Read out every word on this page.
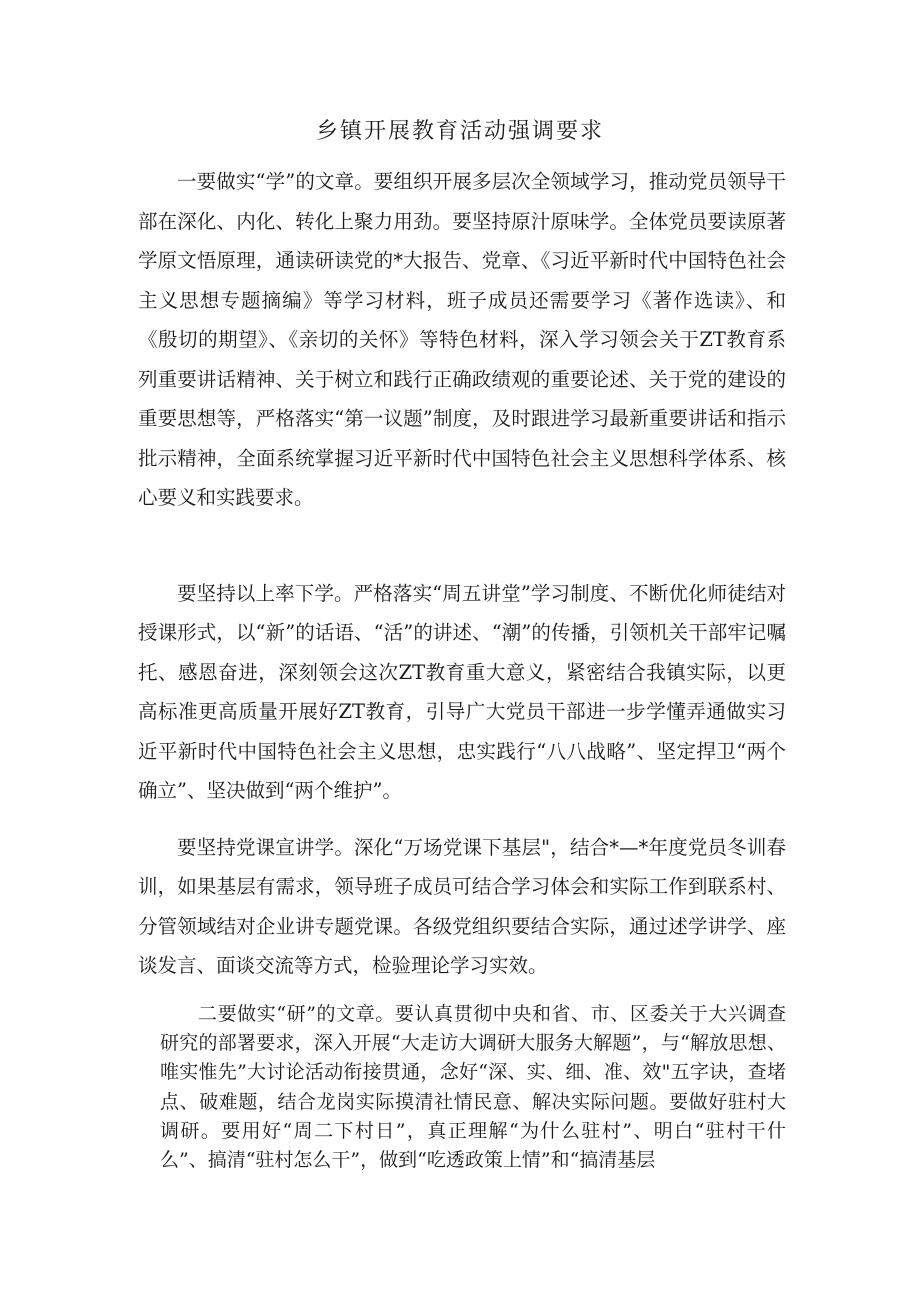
乡镇开展教育活动强调要求

一要做实“学”的文章。要组织开展多层次全领域学习，推动党员领导干部在深化、内化、转化上聚力用劲。要坚持原汁原味学。全体党员要读原著学原文悟原理，通读研读党的*大报告、党章、《习近平新时代中国特色社会主义思想专题摘编》等学习材料，班子成员还需要学习《著作选读》、和《殷切的期望》、《亲切的关怀》等特色材料，深入学习领会关于ZT教育系列重要讲话精神、关于树立和践行正确政绩观的重要论述、关于党的建设的重要思想等，严格落实“第一议题”制度，及时跟进学习最新重要讲话和指示批示精神，全面系统掌握习近平新时代中国特色社会主义思想科学体系、核心要义和实践要求。

要坚持以上率下学。严格落实“周五讲堂”学习制度、不断优化师徒结对授课形式，以“新”的话语、“活”的讲述、“潮”的传播，引领机关干部牢记嘱托、感恩奋进，深刻领会这次ZT教育重大意义，紧密结合我镇实际，以更高标准更高质量开展好ZT教育，引导广大党员干部进一步学懂弄通做实习近平新时代中国特色社会主义思想，忠实践行“八八战略”、坚定捍卫“两个确立”、坚决做到“两个维护”。

要坚持党课宣讲学。深化“万场党课下基层"，结合*—*年度党员冬训春训，如果基层有需求，领导班子成员可结合学习体会和实际工作到联系村、分管领域结对企业讲专题党课。各级党组织要结合实际，通过述学讲学、座谈发言、面谈交流等方式，检验理论学习实效。

二要做实“研”的文章。要认真贯彻中央和省、市、区委关于大兴调查研究的部署要求，深入开展“大走访大调研大服务大解题”，与“解放思想、唯实惟先”大讨论活动衔接贯通，念好“深、实、细、准、效"五字诀，查堵点、破难题，结合龙岗实际摸清社情民意、解决实际问题。要做好驻村大调研。要用好“周二下村日”，真正理解“为什么驻村”、明白“驻村干什么”、搞清“驻村怎么干”，做到“吃透政策上情”和“搞清基层
